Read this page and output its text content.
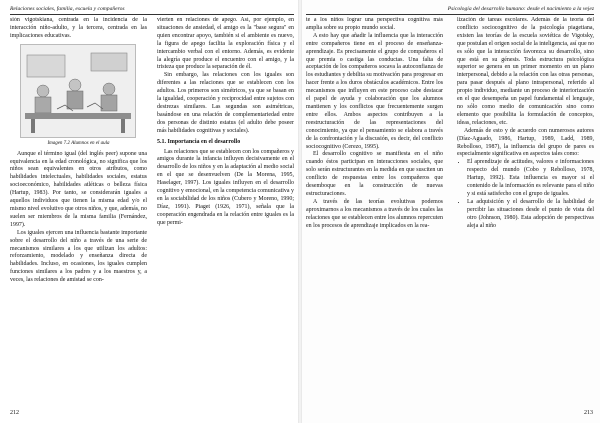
Relaciones sociales, familia, escuela y compañeros

sión vigotskiana, centrada en la incidencia de la interacción niño-adulto, y la tercera, centrada en las implicaciones educativas.

Imagen 7.2 Alumnos en el aula

Aunque el término igual (del inglés peer) supone una equivalencia en la edad cronológica, no significa que los niños sean equivalentes en otros atributos, como habilidades intelectuales, habilidades sociales, estatus socioeconómico, habilidades atléticas o belleza física (Hartup, 1983). Por tanto, se considerarán iguales a aquellos individuos que tienen la misma edad y/o el mismo nivel evolutivo que otros niños, y que, además, no suelen ser miembros de la misma familia (Fernández, 1997).

Los iguales ejercen una influencia bastante importante sobre el desarrollo del niño a través de una serie de mecanismos similares a los que utilizan los adultos: reforzamiento, modelado y enseñanza directa de habilidades. Incluso, en ocasiones, los iguales cumplen funciones similares a los padres y a los maestros y, a veces, las relaciones de amistad se con-

vierten en relaciones de apego. Así, por ejemplo, en situaciones de ansiedad, el amigo es la "base segura" en quien encontrar apoyo, también si el ambiente es nuevo, la figura de apego facilita la exploración física y el intercambio verbal con el entorno. Además, es evidente la alegría que produce el encuentro con el amigo, y la tristeza que produce la separación de él.

Sin embargo, las relaciones con los iguales son diferentes a las relaciones que se establecen con los adultos. Los primeros son simétricos, ya que se basan en la igualdad, cooperación y reciprocidad entre sujetos con destrezas similares. Las segundas son asimétricas, basándose en una relación de complementariedad entre dos personas de distinto estatus (el adulto debe poseer más habilidades cognitivas y sociales).

5.1. Importancia en el desarrollo

Las relaciones que se establecen con los compañeros y amigos durante la infancia influyen decisivamente en el desarrollo de los niños y en la adaptación al medio social en el que se desenvuelven (De la Morena, 1995, Haselager, 1997). Los iguales influyen en el desarrollo cognitivo y emocional, en la competencia comunicativa y en la sociabilidad de los niños (Cubero y Moreno, 1990; Díaz, 1991). Piaget (1926, 1971), señala que la cooperación engendrada en la relación entre iguales es la que permi-

212
Psicología del desarrollo humano: desde el nacimiento a la vejez

te a los niños lograr una perspectiva cognitiva más amplia sobre su propio mundo social.

A esto hay que añadir la influencia que la interacción entre compañeros tiene en el proceso de enseñanza-aprendizaje. Es precisamente el grupo de compañeros el que premia o castiga las conductas. Una falta de aceptación de los compañeros socava la autoconfianza de los estudiantes y debilita su motivación para progresar en hacer frente a los duros obstáculos académicos. Entre los mecanismos que influyen en este proceso cabe destacar el papel de ayuda y colaboración que los alumnos mantienen y los conflictos que frecuentemente surgen entre ellos. Ambos aspectos contribuyen a la reestructuración de las representaciones del conocimiento, ya que el pensamiento se elabora a través de la confrontación y la discusión, es decir, del conflicto sociocognitivo (Cerezo, 1995).

El desarrollo cognitivo se manifiesta en el niño cuando éstos participan en interacciones sociales, que solo serán estructurantes en la medida en que susciten un conflicto de respuestas entre los compañeros que desemboque en la construcción de nuevas estructuraciones.

A través de las teorías evolutivas podemos aproximarnos a los mecanismos a través de los cuales las relaciones que se establecen entre los alumnos repercuten en los procesos de aprendizaje implicados en la rea-

lización de tareas escolares. Además de la teoría del conflicto sociocognitivo de la psicología piagetiana, existen las teorías de la escuela soviética de Vigotsky, que postulan el origen social de la inteligencia, así que no es sólo que la interacción favorezca su desarrollo, sino que está en su génesis. Toda estructura psicológica superior se genera en un primer momento en un plano interpersonal, debido a la relación con las otras personas, para pasar después al plano intrapersonal, referido al propio individuo, mediante un proceso de interiorización en el que desempeña un papel fundamental el lenguaje, no sólo como medio de comunicación sino como elemento que posibilita la formulación de conceptos, ideas, relaciones, etc.

Además de esto y de acuerdo con numerosos autores (Díaz-Aguado, 1986, Hartup, 1989, Ladd, 1989, Rebolloso, 1987), la influencia del grupo de pares es especialmente significativa en aspectos tales como:

• El aprendizaje de actitudes, valores e informaciones respecto del mundo (Cobo y Rebolloso, 1978, Hartup, 1992). Esta influencia es mayor si el contenido de la información es relevante para el niño y si está satisfecho con el grupo de iguales.
• La adquisición y el desarrollo de la habilidad de percibir las situaciones desde el punto de vista del otro (Johnson, 1980). Esta adopción de perspectivas aleja al niño
213
